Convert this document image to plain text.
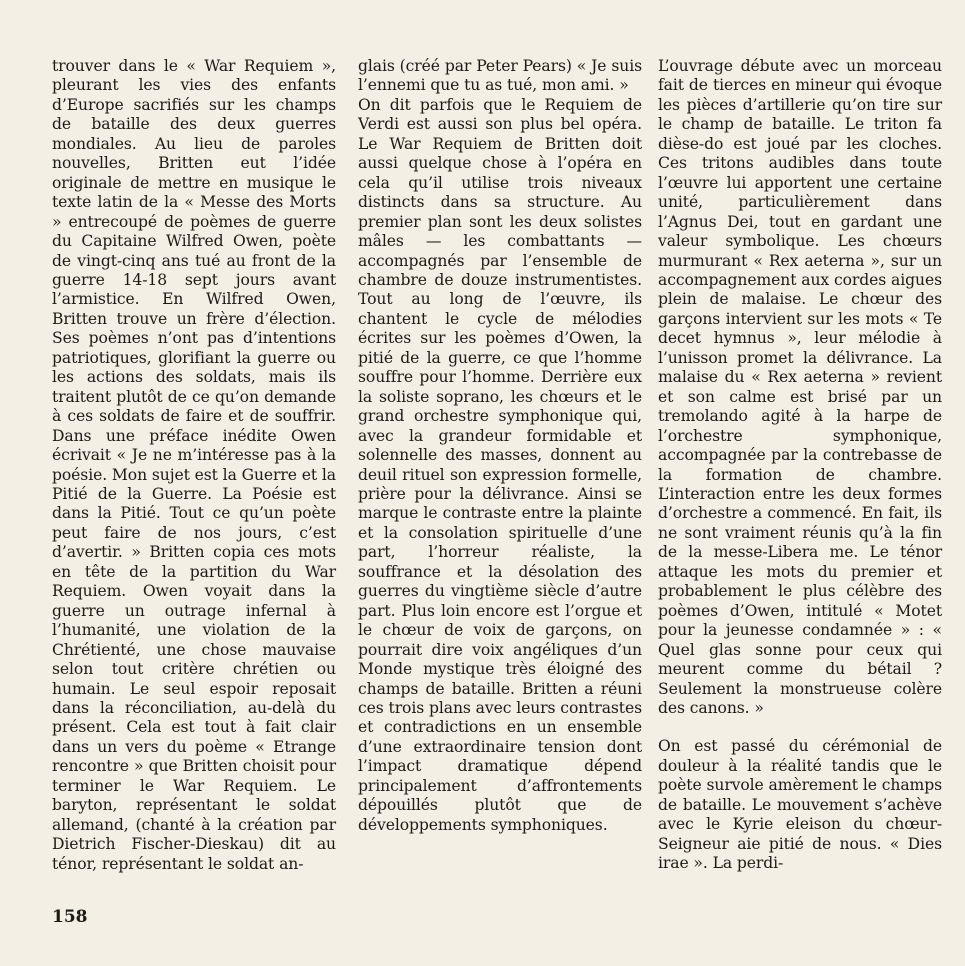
trouver dans le « War Requiem », pleurant les vies des enfants d’Europe sacrifiés sur les champs de bataille des deux guerres mondiales. Au lieu de paroles nouvelles, Britten eut l’idée originale de mettre en musique le texte latin de la « Messe des Morts » entrecoupé de poèmes de guerre du Capitaine Wilfred Owen, poète de vingt-cinq ans tué au front de la guerre 14-18 sept jours avant l’armistice. En Wilfred Owen, Britten trouve un frère d’élection. Ses poèmes n’ont pas d’intentions patriotiques, glorifiant la guerre ou les actions des soldats, mais ils traitent plutôt de ce qu’on demande à ces soldats de faire et de souffrir. Dans une préface inédite Owen écrivait « Je ne m’intéresse pas à la poésie. Mon sujet est la Guerre et la Pitié de la Guerre. La Poésie est dans la Pitié. Tout ce qu’un poète peut faire de nos jours, c’est d’avertir. » Britten copia ces mots en tête de la partition du War Requiem. Owen voyait dans la guerre un outrage infernal à l’humanité, une violation de la Chrétienté, une chose mauvaise selon tout critère chrétien ou humain. Le seul espoir reposait dans la réconciliation, au-delà du présent. Cela est tout à fait clair dans un vers du poème « Etrange rencontre » que Britten choisit pour terminer le War Requiem. Le baryton, représentant le soldat allemand, (chanté à la création par Dietrich Fischer-Dieskau) dit au ténor, représentant le soldat an-

glais (créé par Peter Pears) « Je suis l’ennemi que tu as tué, mon ami. »

On dit parfois que le Requiem de Verdi est aussi son plus bel opéra. Le War Requiem de Britten doit aussi quelque chose à l’opéra en cela qu’il utilise trois niveaux distincts dans sa structure. Au premier plan sont les deux solistes mâles — les combattants — accompagnés par l’ensemble de chambre de douze instrumentistes. Tout au long de l’œuvre, ils chantent le cycle de mélodies écrites sur les poèmes d’Owen, la pitié de la guerre, ce que l’homme souffre pour l’homme. Derrière eux la soliste soprano, les chœurs et le grand orchestre symphonique qui, avec la grandeur formidable et solennelle des masses, donnent au deuil rituel son expression formelle, prière pour la délivrance. Ainsi se marque le contraste entre la plainte et la consolation spirituelle d’une part, l’horreur réaliste, la souffrance et la désolation des guerres du vingtième siècle d’autre part. Plus loin encore est l’orgue et le chœur de voix de garçons, on pourrait dire voix angéliques d’un Monde mystique très éloigné des champs de bataille. Britten a réuni ces trois plans avec leurs contrastes et contradictions en un ensemble d’une extraordinaire tension dont l’impact dramatique dépend principalement d’affrontements dépouillés plutôt que de développements symphoniques.

L’ouvrage débute avec un morceau fait de tierces en mineur qui évoque les pièces d’artillerie qu’on tire sur le champ de bataille. Le triton fa dièse-do est joué par les cloches. Ces tritons audibles dans toute l’œuvre lui apportent une certaine unité, particulièrement dans l’Agnus Dei, tout en gardant une valeur symbolique. Les chœurs murmurant « Rex aeterna », sur un accompagnement aux cordes aigues plein de malaise. Le chœur des garçons intervient sur les mots « Te decet hymnus », leur mélodie à l’unisson promet la délivrance. La malaise du « Rex aeterna » revient et son calme est brisé par un tremolando agité à la harpe de l’orchestre symphonique, accompagnée par la contrebasse de la formation de chambre. L’interaction entre les deux formes d’orchestre a commencé. En fait, ils ne sont vraiment réunis qu’à la fin de la messe-Libera me. Le ténor attaque les mots du premier et probablement le plus célèbre des poèmes d’Owen, intitulé « Motet pour la jeunesse condamnée » : « Quel glas sonne pour ceux qui meurent comme du bétail ? Seulement la monstrueuse colère des canons. »

On est passé du cérémonial de douleur à la réalité tandis que le poète survole amèrement le champs de bataille. Le mouvement s’achève avec le Kyrie eleison du chœur-Seigneur aie pitié de nous. « Dies irae ». La perdi-

158
